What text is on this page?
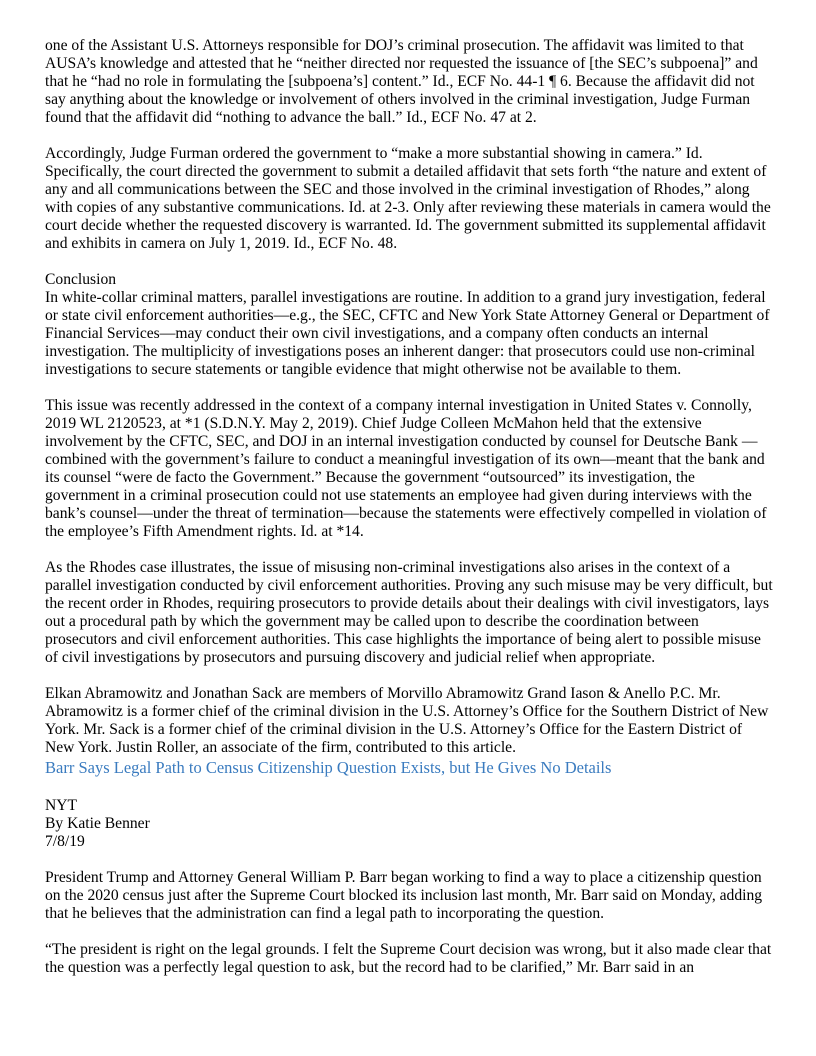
one of the Assistant U.S. Attorneys responsible for DOJ’s criminal prosecution. The affidavit was limited to that AUSA’s knowledge and attested that he “neither directed nor requested the issuance of [the SEC’s subpoena]” and that he “had no role in formulating the [subpoena’s] content.” Id., ECF No. 44-1 ¶ 6. Because the affidavit did not say anything about the knowledge or involvement of others involved in the criminal investigation, Judge Furman found that the affidavit did “nothing to advance the ball.” Id., ECF No. 47 at 2.

Accordingly, Judge Furman ordered the government to “make a more substantial showing in camera.” Id. Specifically, the court directed the government to submit a detailed affidavit that sets forth “the nature and extent of any and all communications between the SEC and those involved in the criminal investigation of Rhodes,” along with copies of any substantive communications. Id. at 2-3. Only after reviewing these materials in camera would the court decide whether the requested discovery is warranted. Id. The government submitted its supplemental affidavit and exhibits in camera on July 1, 2019. Id., ECF No. 48.

Conclusion

In white-collar criminal matters, parallel investigations are routine. In addition to a grand jury investigation, federal or state civil enforcement authorities—e.g., the SEC, CFTC and New York State Attorney General or Department of Financial Services—may conduct their own civil investigations, and a company often conducts an internal investigation. The multiplicity of investigations poses an inherent danger: that prosecutors could use non-criminal investigations to secure statements or tangible evidence that might otherwise not be available to them.

This issue was recently addressed in the context of a company internal investigation in United States v. Connolly, 2019 WL 2120523, at *1 (S.D.N.Y. May 2, 2019). Chief Judge Colleen McMahon held that the extensive involvement by the CFTC, SEC, and DOJ in an internal investigation conducted by counsel for Deutsche Bank —combined with the government’s failure to conduct a meaningful investigation of its own—meant that the bank and its counsel “were de facto the Government.” Because the government “outsourced” its investigation, the government in a criminal prosecution could not use statements an employee had given during interviews with the bank’s counsel—under the threat of termination—because the statements were effectively compelled in violation of the employee’s Fifth Amendment rights. Id. at *14.

As the Rhodes case illustrates, the issue of misusing non-criminal investigations also arises in the context of a parallel investigation conducted by civil enforcement authorities. Proving any such misuse may be very difficult, but the recent order in Rhodes, requiring prosecutors to provide details about their dealings with civil investigators, lays out a procedural path by which the government may be called upon to describe the coordination between prosecutors and civil enforcement authorities. This case highlights the importance of being alert to possible misuse of civil investigations by prosecutors and pursuing discovery and judicial relief when appropriate.

Elkan Abramowitz and Jonathan Sack are members of Morvillo Abramowitz Grand Iason & Anello P.C. Mr. Abramowitz is a former chief of the criminal division in the U.S. Attorney’s Office for the Southern District of New York. Mr. Sack is a former chief of the criminal division in the U.S. Attorney’s Office for the Eastern District of New York. Justin Roller, an associate of the firm, contributed to this article.

Barr Says Legal Path to Census Citizenship Question Exists, but He Gives No Details

NYT

By Katie Benner

7/8/19

President Trump and Attorney General William P. Barr began working to find a way to place a citizenship question on the 2020 census just after the Supreme Court blocked its inclusion last month, Mr. Barr said on Monday, adding that he believes that the administration can find a legal path to incorporating the question.

“The president is right on the legal grounds. I felt the Supreme Court decision was wrong, but it also made clear that the question was a perfectly legal question to ask, but the record had to be clarified,” Mr. Barr said in an
